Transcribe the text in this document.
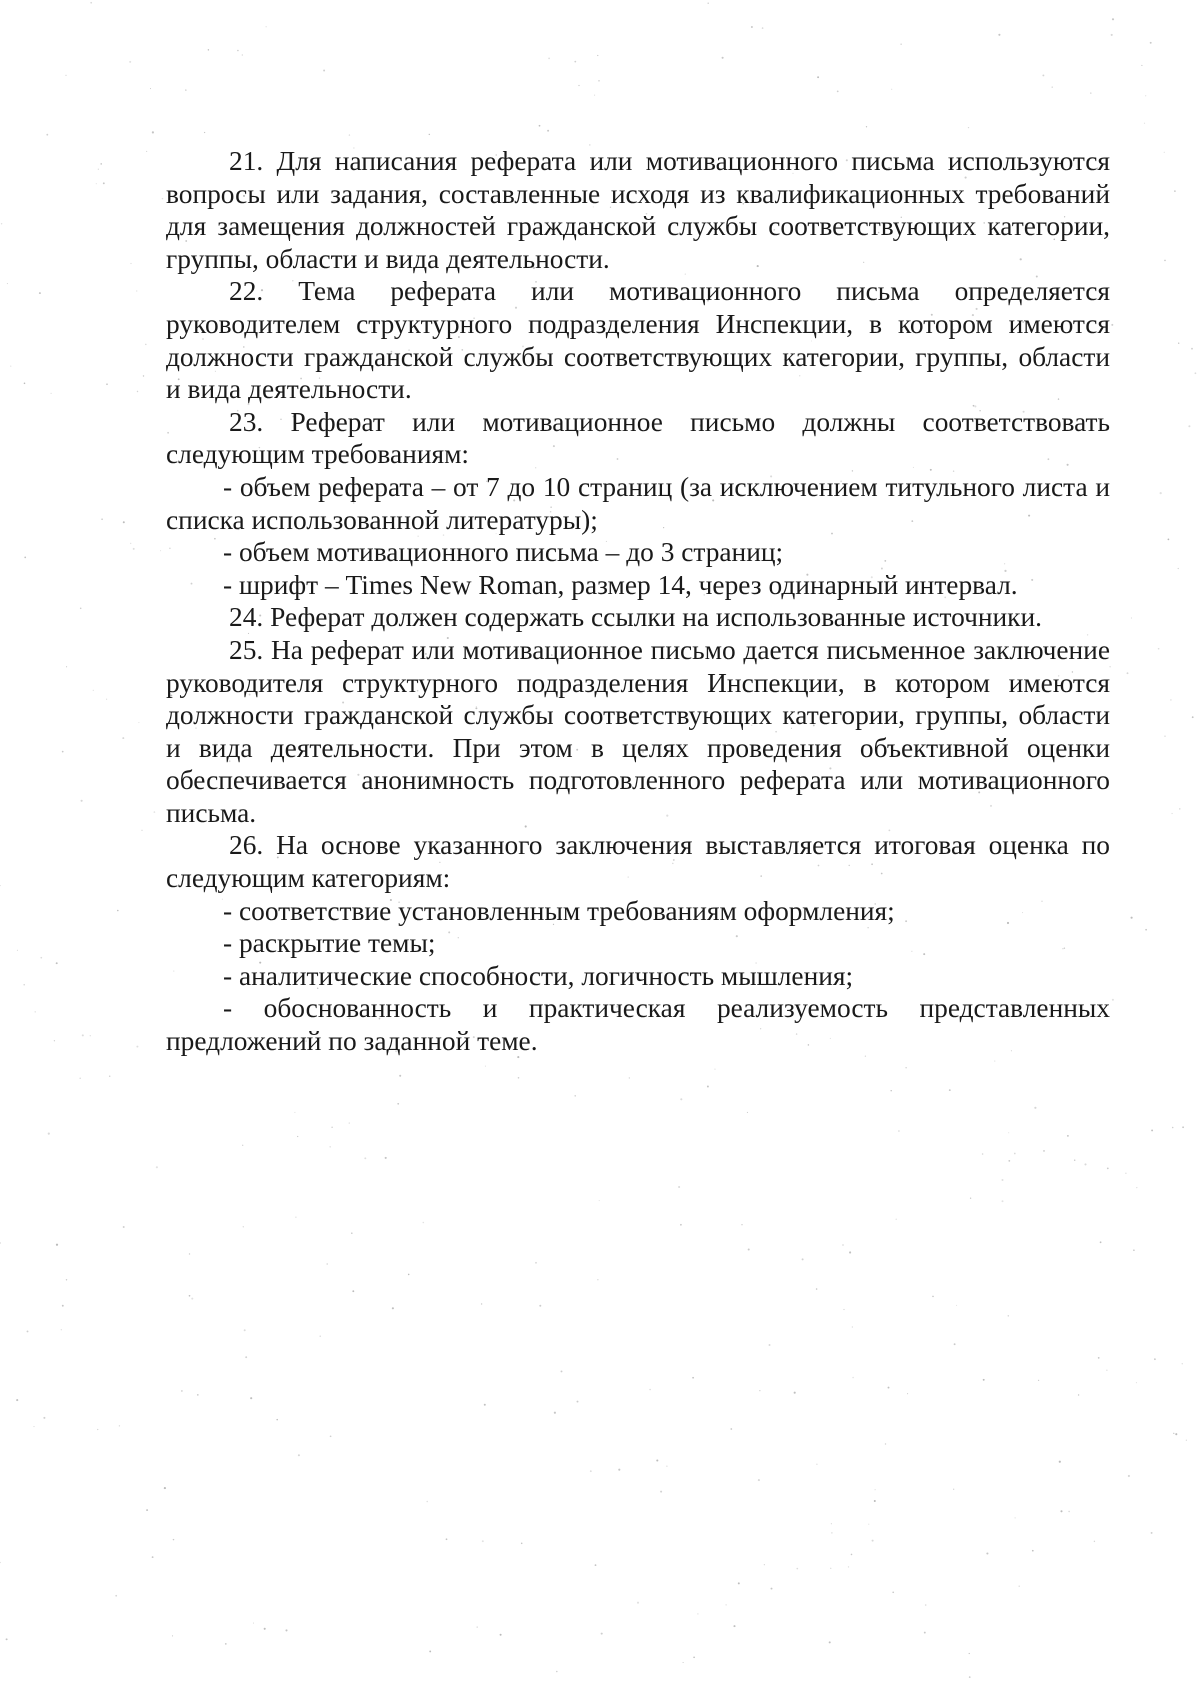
21. Для написания реферата или мотивационного письма используются вопросы или задания, составленные исходя из квалификационных требований для замещения должностей гражданской службы соответствующих категории, группы, области и вида деятельности.

22. Тема реферата или мотивационного письма определяется руководителем структурного подразделения Инспекции, в котором имеются должности гражданской службы соответствующих категории, группы, области и вида деятельности.

23. Реферат или мотивационное письмо должны соответствовать следующим требованиям:

- объем реферата – от 7 до 10 страниц (за исключением титульного листа и списка использованной литературы);

- объем мотивационного письма – до 3 страниц;

- шрифт – Times New Roman, размер 14, через одинарный интервал.

24. Реферат должен содержать ссылки на использованные источники.

25. На реферат или мотивационное письмо дается письменное заключение руководителя структурного подразделения Инспекции, в котором имеются должности гражданской службы соответствующих категории, группы, области и вида деятельности. При этом в целях проведения объективной оценки обеспечивается анонимность подготовленного реферата или мотивационного письма.

26. На основе указанного заключения выставляется итоговая оценка по следующим категориям:

- соответствие установленным требованиям оформления;

- раскрытие темы;

- аналитические способности, логичность мышления;

- обоснованность и практическая реализуемость представленных предложений по заданной теме.
